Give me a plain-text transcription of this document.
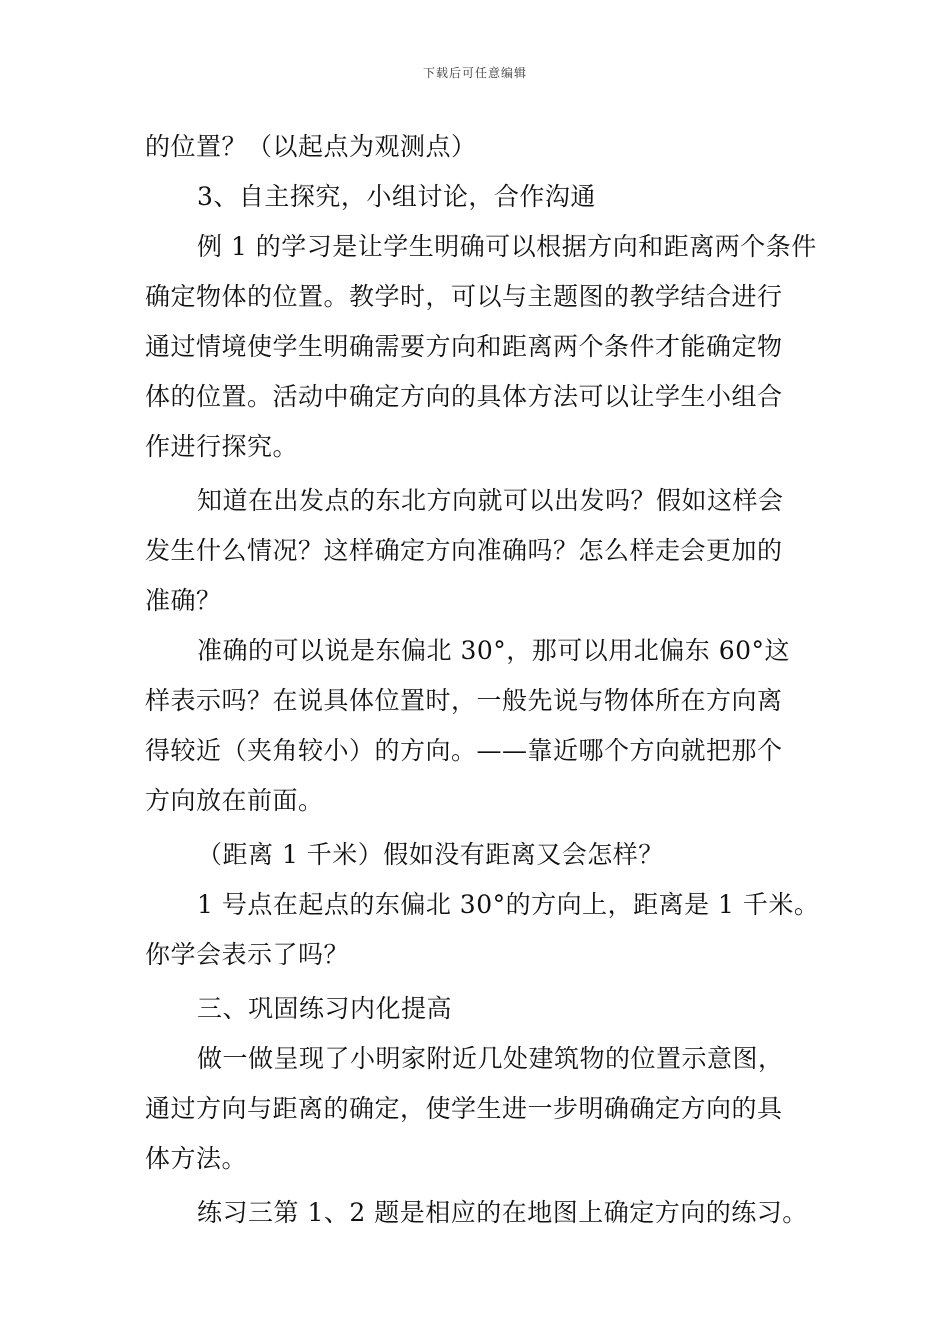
下载后可任意编辑
的位置？（以起点为观测点）
3、自主探究，小组讨论，合作沟通
例 1 的学习是让学生明确可以根据方向和距离两个条件
确定物体的位置。教学时，可以与主题图的教学结合进行
通过情境使学生明确需要方向和距离两个条件才能确定物
体的位置。活动中确定方向的具体方法可以让学生小组合
作进行探究。
知道在出发点的东北方向就可以出发吗？假如这样会
发生什么情况？这样确定方向准确吗？怎么样走会更加的
准确？
准确的可以说是东偏北 30°，那可以用北偏东 60°这
样表示吗？在说具体位置时，一般先说与物体所在方向离
得较近（夹角较小）的方向。——靠近哪个方向就把那个
方向放在前面。
（距离 1 千米）假如没有距离又会怎样？
1 号点在起点的东偏北 30°的方向上，距离是 1 千米。
你学会表示了吗？
三、巩固练习内化提高
做一做呈现了小明家附近几处建筑物的位置示意图，
通过方向与距离的确定，使学生进一步明确确定方向的具
体方法。
练习三第 1、2 题是相应的在地图上确定方向的练习。
